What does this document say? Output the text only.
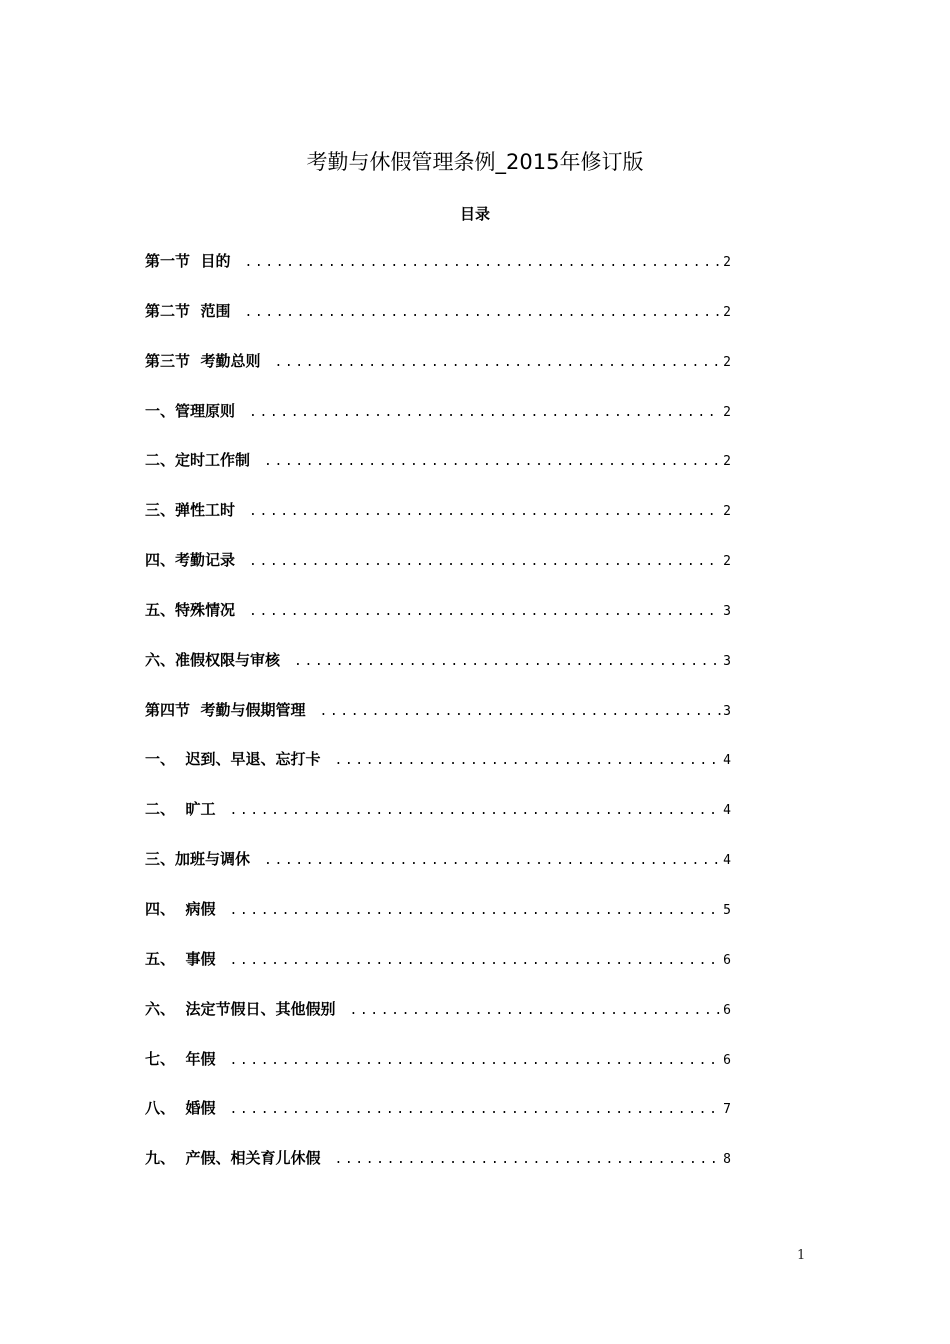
考勤与休假管理条例_2015年修订版
目录
第一节  目的 .....	2
第二节  范围 .....	2
第三节  考勤总则 .....	2
一、管理原则 .....	2
二、定时工作制 .....	2
三、弹性工时 .....	2
四、考勤记录 .....	2
五、特殊情况 .....	3
六、准假权限与审核 .....	3
第四节  考勤与假期管理 .....	3
一、  迟到、早退、忘打卡 .....	4
二、  旷工 .....	4
三、加班与调休 .....	4
四、  病假 .....	5
五、  事假 .....	6
六、  法定节假日、其他假别 .....	6
七、  年假 .....	6
八、  婚假 .....	7
九、  产假、相关育儿休假 .....	8
1
